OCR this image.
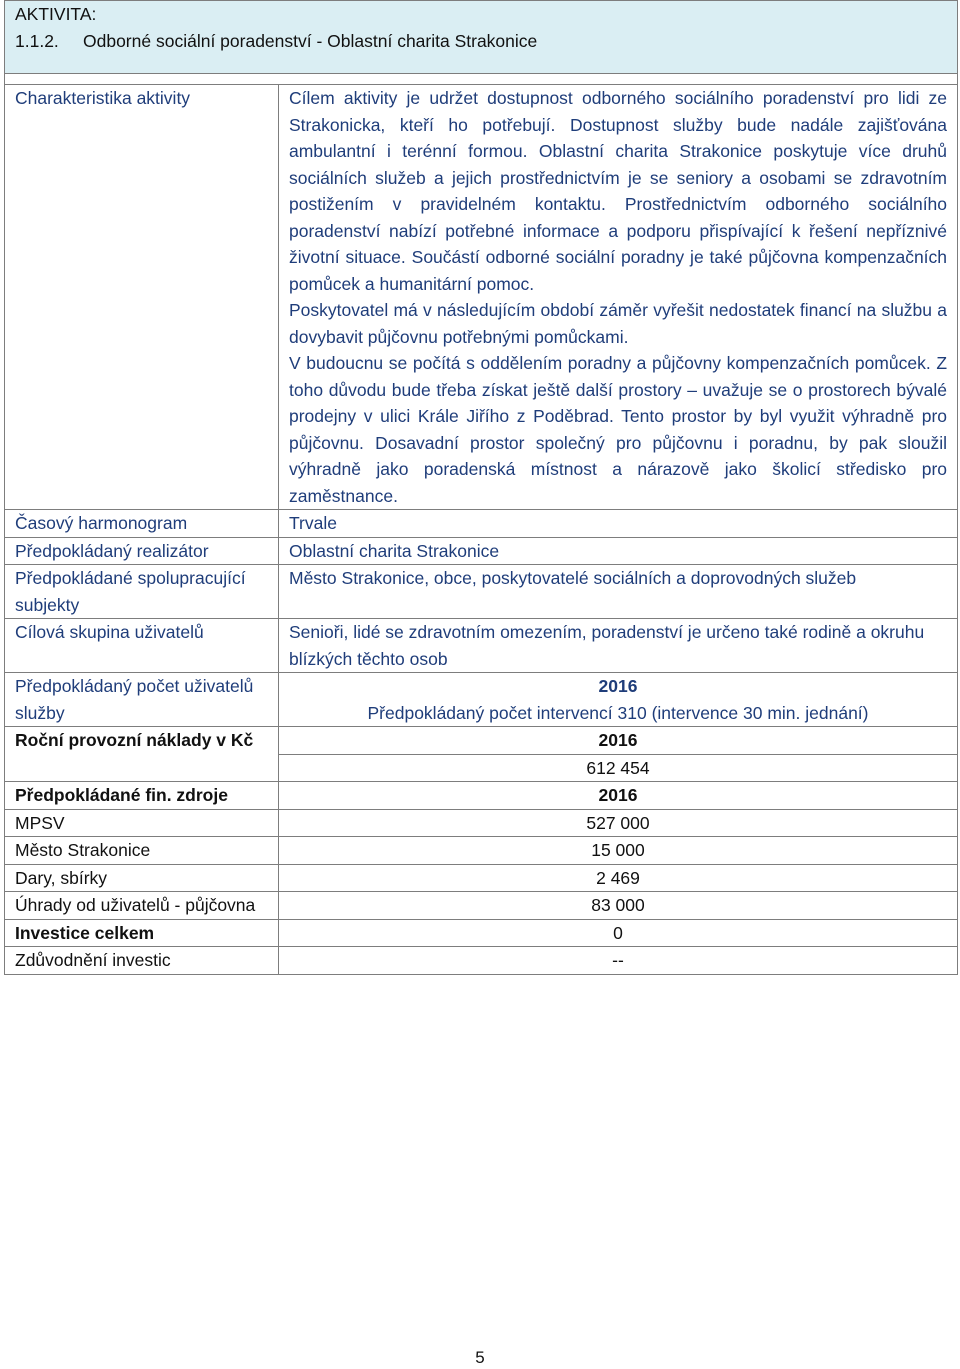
AKTIVITA:
1.1.2. Odborné sociální poradenství - Oblastní charita Strakonice	

Charakteristika aktivity	Cílem aktivity je udržet dostupnost odborného sociálního poradenství pro lidi ze Strakonicka, kteří ho potřebují. Dostupnost služby bude nadále zajišťována ambulantní i terénní formou. Oblastní charita Strakonice poskytuje více druhů sociálních služeb a jejich prostřednictvím je se seniory a osobami se zdravotním postižením v pravidelném kontaktu. Prostřednictvím odborného sociálního poradenství nabízí potřebné informace a podporu přispívající k řešení nepříznivé životní situace. Součástí odborné sociální poradny je také půjčovna kompenzačních pomůcek a humanitární pomoc.

Poskytovatel má v následujícím období záměr vyřešit nedostatek financí na službu a dovybavit půjčovnu potřebnými pomůckami.

V budoucnu se počítá s oddělením poradny a půjčovny kompenzačních pomůcek. Z toho důvodu bude třeba získat ještě další prostory – uvažuje se o prostorech bývalé prodejny v ulici Krále Jiřího z Poděbrad. Tento prostor by byl využit výhradně pro půjčovnu. Dosavadní prostor společný pro půjčovnu i poradnu, by pak sloužil výhradně jako poradenská místnost a nárazově jako školicí středisko pro zaměstnance.

Časový harmonogram	Trvale
Předpokládaný realizátor	Oblastní charita Strakonice
Předpokládané spolupracující subjekty	Město Strakonice, obce, poskytovatelé sociálních a doprovodných služeb
Cílová skupina uživatelů	Senioři, lidé se zdravotním omezením, poradenství je určeno také rodině a okruhu blízkých těchto osob
Předpokládaný počet uživatelů služby	2016
Předpokládaný počet intervencí 310 (intervence 30 min. jednání)

Roční provozní náklady v Kč	2016
	612 454
Předpokládané fin. zdroje	2016
MPSV	527 000
Město Strakonice	15 000
Dary, sbírky	2 469
Úhrady od uživatelů - půjčovna	83 000
Investice celkem	0
Zdůvodnění investic	--
5
